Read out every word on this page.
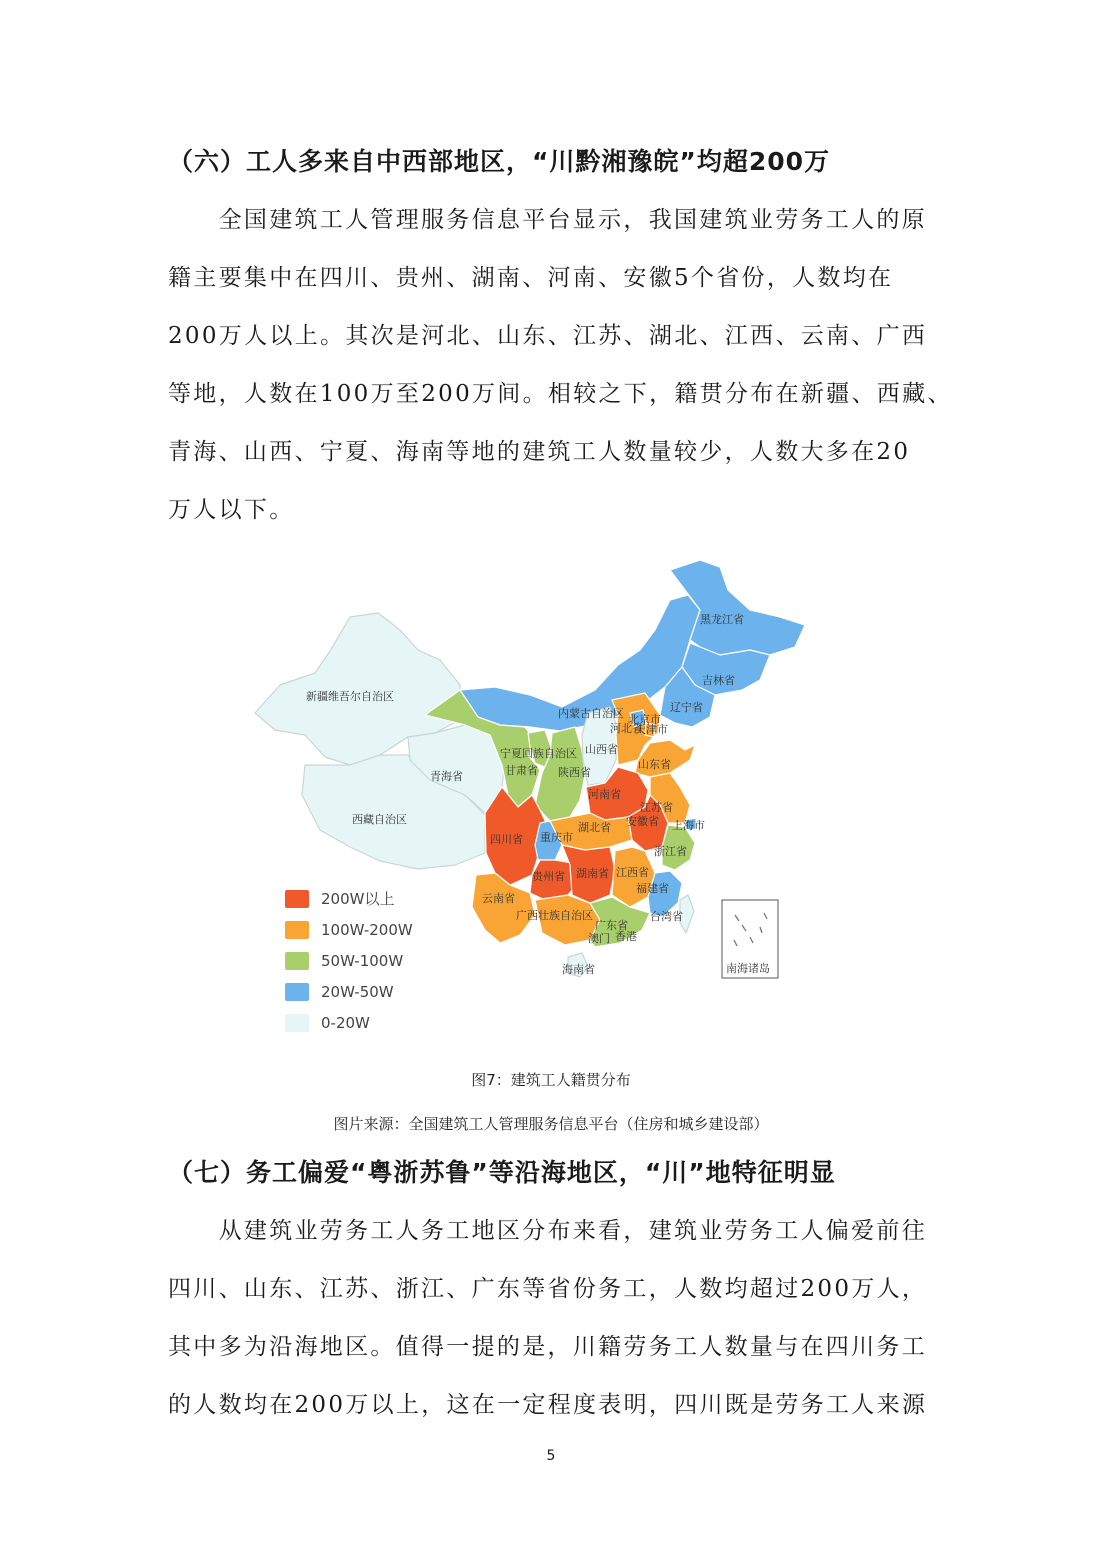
（六）工人多来自中西部地区，“川黔湘豫皖”均超200万
　　全国建筑工人管理服务信息平台显示，我国建筑业劳务工人的原
籍主要集中在四川、贵州、湖南、河南、安徽5个省份，人数均在
200万人以上。其次是河北、山东、江苏、湖北、江西、云南、广西
等地，人数在100万至200万间。相较之下，籍贯分布在新疆、西藏、
青海、山西、宁夏、海南等地的建筑工人数量较少，人数大多在20
万人以下。
新疆维吾尔自治区
西藏自治区
青海省
内蒙古自治区
黑龙江省
吉林省
辽宁省
北京市
天津市
河北省
宁夏回族自治区 山西省
甘肃省 陕西省
山东省
河南省
江苏省
安徽省 上海市
四川省 重庆市
湖北省
浙江省
贵州省 湖南省 江西省
福建省
云南省
广西壮族自治区
广东省
台湾省
澳门 香港
海南省	南海诸岛
200W以上
100W-200W
50W-100W
20W-50W
0-20W
图7：建筑工人籍贯分布
图片来源：全国建筑工人管理服务信息平台（住房和城乡建设部）
（七）务工偏爱“粤浙苏鲁”等沿海地区，“川”地特征明显
　　从建筑业劳务工人务工地区分布来看，建筑业劳务工人偏爱前往
四川、山东、江苏、浙江、广东等省份务工，人数均超过200万人，
其中多为沿海地区。值得一提的是，川籍劳务工人数量与在四川务工
的人数均在200万以上，这在一定程度表明，四川既是劳务工人来源
5
